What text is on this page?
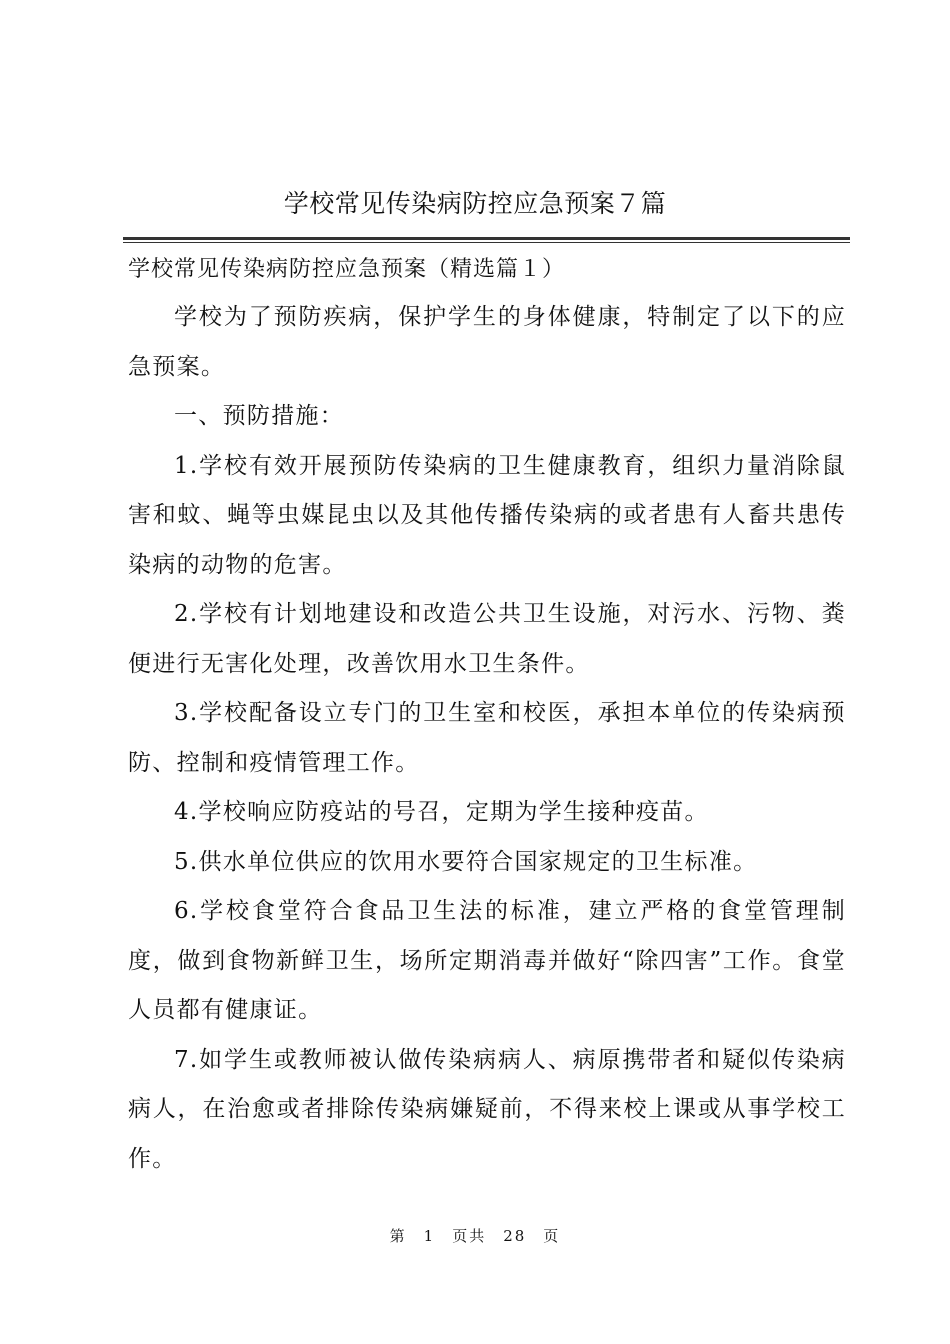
学校常见传染病防控应急预案７篇
学校常见传染病防控应急预案（精选篇１）

学校为了预防疾病，保护学生的身体健康，特制定了以下的应急预案。

一、预防措施：

1.学校有效开展预防传染病的卫生健康教育，组织力量消除鼠害和蚊、蝇等虫媒昆虫以及其他传播传染病的或者患有人畜共患传染病的动物的危害。

2.学校有计划地建设和改造公共卫生设施，对污水、污物、粪便进行无害化处理，改善饮用水卫生条件。

3.学校配备设立专门的卫生室和校医，承担本单位的传染病预防、控制和疫情管理工作。

4.学校响应防疫站的号召，定期为学生接种疫苗。

5.供水单位供应的饮用水要符合国家规定的卫生标准。

6.学校食堂符合食品卫生法的标准，建立严格的食堂管理制度，做到食物新鲜卫生，场所定期消毒并做好“除四害”工作。食堂人员都有健康证。

7.如学生或教师被认做传染病病人、病原携带者和疑似传染病病人，在治愈或者排除传染病嫌疑前，不得来校上课或从事学校工作。

第　1　页共　28　页
